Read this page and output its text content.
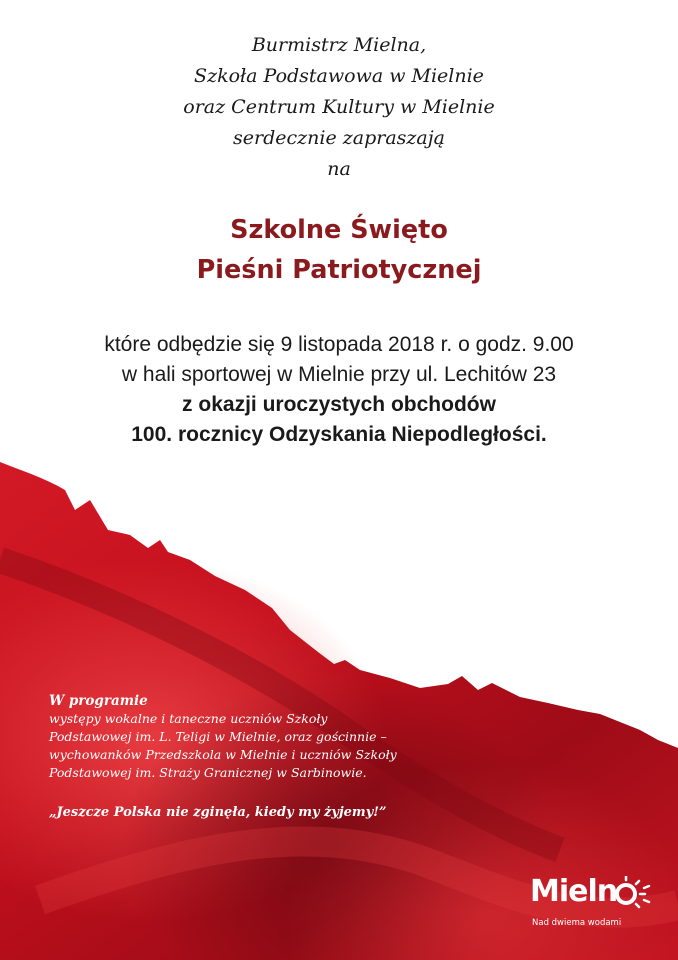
Burmistrz Mielna,
Szkoła Podstawowa w Mielnie
oraz Centrum Kultury w Mielnie
serdecznie zapraszają
na
Szkolne Święto
Pieśni Patriotycznej
które odbędzie się 9 listopada 2018 r. o godz. 9.00
w hali sportowej w Mielnie przy ul. Lechitów 23
z okazji uroczystych obchodów
100. rocznicy Odzyskania Niepodległości.
W programie
występy wokalne i taneczne uczniów Szkoły
Podstawowej im. L. Teligi w Mielnie, oraz gościnnie –
wychowanków Przedszkola w Mielnie i uczniów Szkoły
Podstawowej im. Straży Granicznej w Sarbinowie.
„Jeszcze Polska nie zginęła, kiedy my żyjemy!”
Mieln
Nad dwiema wodami
